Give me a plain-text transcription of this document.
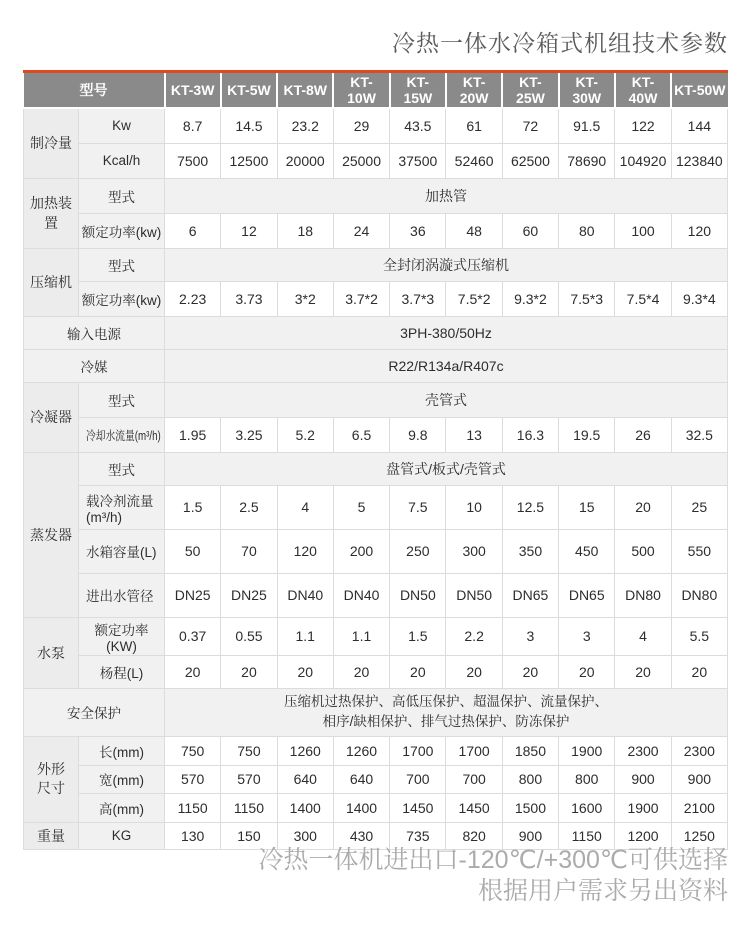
冷热一体水冷箱式机组技术参数
型号		KT-3W	KT-5W	KT-8W	KT-10W	KT-15W	KT-20W	KT-25W	KT-30W	KT-40W	KT-50W
制冷量	Kw	8.7	14.5	23.2	29	43.5	61	72	91.5	122	144
	Kcal/h	7500	12500	20000	25000	37500	52460	62500	78690	104920	123840
加热装置	型式	加热管									
	额定功率(kw)	6	12	18	24	36	48	60	80	100	120
压缩机	型式	全封闭涡漩式压缩机									
	额定功率(kw)	2.23	3.73	3*2	3.7*2	3.7*3	7.5*2	9.3*2	7.5*3	7.5*4	9.3*4
输入电源		3PH-380/50Hz									
冷媒		R22/R134a/R407c									
冷凝器	型式	壳管式									
	冷却水流量(m³/h)	1.95	3.25	5.2	6.5	9.8	13	16.3	19.5	26	32.5
蒸发器	型式	盘管式/板式/壳管式									
	载冷剂流量
(m³/h)	1.5	2.5	4	5	7.5	10	12.5	15	20	25
	水箱容量(L)	50	70	120	200	250	300	350	450	500	550
	进出水管径	DN25	DN25	DN40	DN40	DN50	DN50	DN65	DN65	DN80	DN80
水泵	额定功率(KW)	0.37	0.55	1.1	1.1	1.5	2.2	3	3	4	5.5
	杨程(L)	20	20	20	20	20	20	20	20	20	20
安全保护		压缩机过热保护、高低压保护、超温保护、流量保护、
相序/缺相保护、排气过热保护、防冻保护									

外形尺寸	长(mm)	750	750	1260	1260	1700	1700	1850	1900	2300	2300
	宽(mm)	570	570	640	640	700	700	800	800	900	900
	高(mm)	1150	1150	1400	1400	1450	1450	1500	1600	1900	2100
重量	KG	130	150	300	430	735	820	900	1150	1200	1250
冷热一体机进出口-120℃/+300℃可供选择
根据用户需求另出资料
